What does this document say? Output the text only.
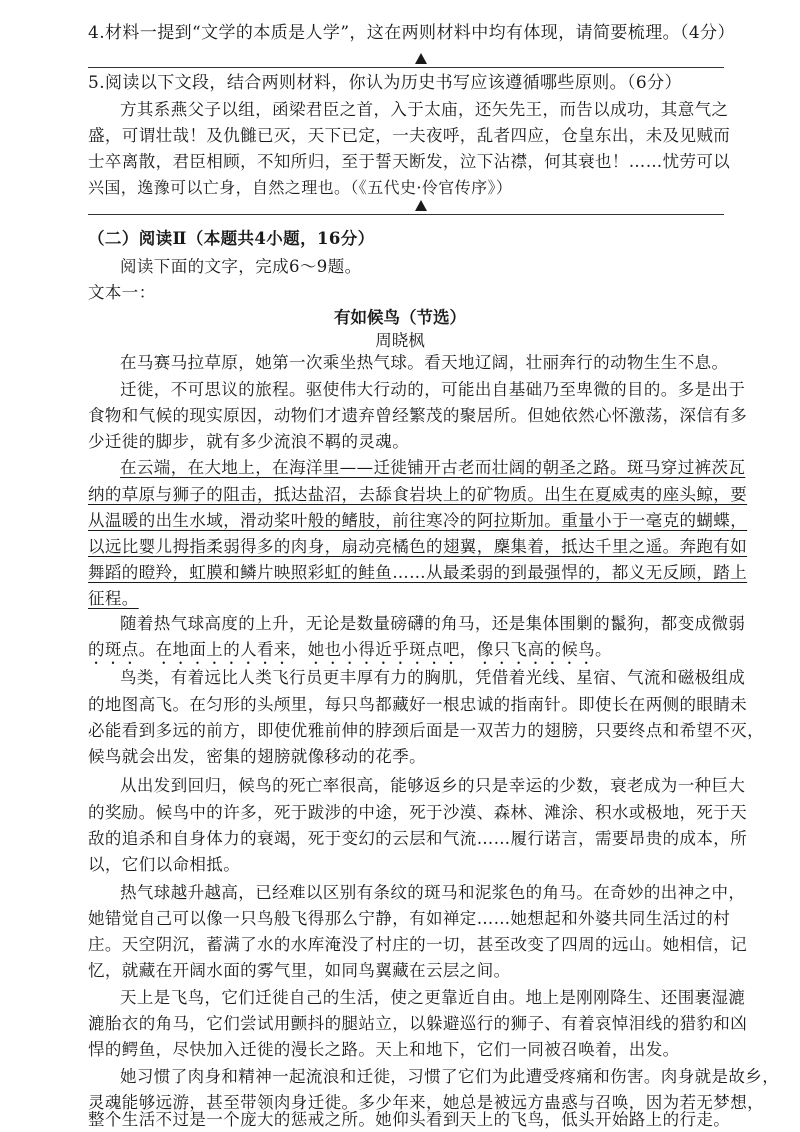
4.材料一提到“文学的本质是人学”，这在两则材料中均有体现，请简要梳理。（4分）
5.阅读以下文段，结合两则材料，你认为历史书写应该遵循哪些原则。（6分）
方其系燕父子以组，函梁君臣之首，入于太庙，还矢先王，而告以成功，其意气之
盛，可谓壮哉！及仇雠已灭，天下已定，一夫夜呼，乱者四应，仓皇东出，未及见贼而
士卒离散，君臣相顾，不知所归，至于誓天断发，泣下沾襟，何其衰也！……忧劳可以
兴国，逸豫可以亡身，自然之理也。（《五代史·伶官传序》）
（二）阅读Ⅱ（本题共4小题，16分）
阅读下面的文字，完成6～9题。
文本一：
有如候鸟（节选）
周晓枫
在马赛马拉草原，她第一次乘坐热气球。看天地辽阔，壮丽奔行的动物生生不息。
迁徙，不可思议的旅程。驱使伟大行动的，可能出自基础乃至卑微的目的。多是出于
食物和气候的现实原因，动物们才遗弃曾经繁茂的聚居所。但她依然心怀激荡，深信有多
少迁徙的脚步，就有多少流浪不羁的灵魂。
在云端，在大地上，在海洋里——迁徙铺开古老而壮阔的朝圣之路。斑马穿过裤茨瓦
纳的草原与狮子的阻击，抵达盐沼，去舔食岩块上的矿物质。出生在夏威夷的座头鲸，要
从温暖的出生水域，滑动桨叶般的鳍肢，前往寒冷的阿拉斯加。重量小于一毫克的蝴蝶，
以远比婴儿拇指柔弱得多的肉身，扇动亮橘色的翅翼，麇集着，抵达千里之遥。奔跑有如
舞蹈的瞪羚，虹膜和鳞片映照彩虹的鲑鱼……从最柔弱的到最强悍的，都义无反顾，踏上
征程。
随着热气球高度的上升，无论是数量磅礴的角马，还是集体围剿的鬣狗，都变成微弱
的斑点。在地面上的人看来，她也小得近乎斑点吧，像只飞高的候鸟。
鸟类，有着远比人类飞行员更丰厚有力的胸肌，凭借着光线、星宿、气流和磁极组成
的地图高飞。在匀形的头颅里，每只鸟都藏好一根忠诚的指南针。即使长在两侧的眼睛未
必能看到多远的前方，即使优雅前伸的脖颈后面是一双苦力的翅膀，只要终点和希望不灭，
候鸟就会出发，密集的翅膀就像移动的花季。
从出发到回归，候鸟的死亡率很高，能够返乡的只是幸运的少数，衰老成为一种巨大
的奖励。候鸟中的许多，死于跋涉的中途，死于沙漠、森林、滩涂、积水或极地，死于天
敌的追杀和自身体力的衰竭，死于变幻的云层和气流……履行诺言，需要昂贵的成本，所
以，它们以命相抵。
热气球越升越高，已经难以区别有条纹的斑马和泥浆色的角马。在奇妙的出神之中，
她错觉自己可以像一只鸟般飞得那么宁静，有如禅定……她想起和外婆共同生活过的村
庄。天空阴沉，蓄满了水的水库淹没了村庄的一切，甚至改变了四周的远山。她相信，记
忆，就藏在开阔水面的雾气里，如同鸟翼藏在云层之间。
天上是飞鸟，它们迁徙自己的生活，使之更靠近自由。地上是刚刚降生、还围裹湿漉
漉胎衣的角马，它们尝试用颤抖的腿站立，以躲避巡行的狮子、有着哀悼泪线的猎豹和凶
悍的鳄鱼，尽快加入迁徙的漫长之路。天上和地下，它们一同被召唤着，出发。
她习惯了肉身和精神一起流浪和迁徙，习惯了它们为此遭受疼痛和伤害。肉身就是故乡，
灵魂能够远游，甚至带领肉身迁徙。多少年来，她总是被远方蛊惑与召唤，因为若无梦想，
整个生活不过是一个庞大的惩戒之所。她仰头看到天上的飞鸟，低头开始路上的行走。
